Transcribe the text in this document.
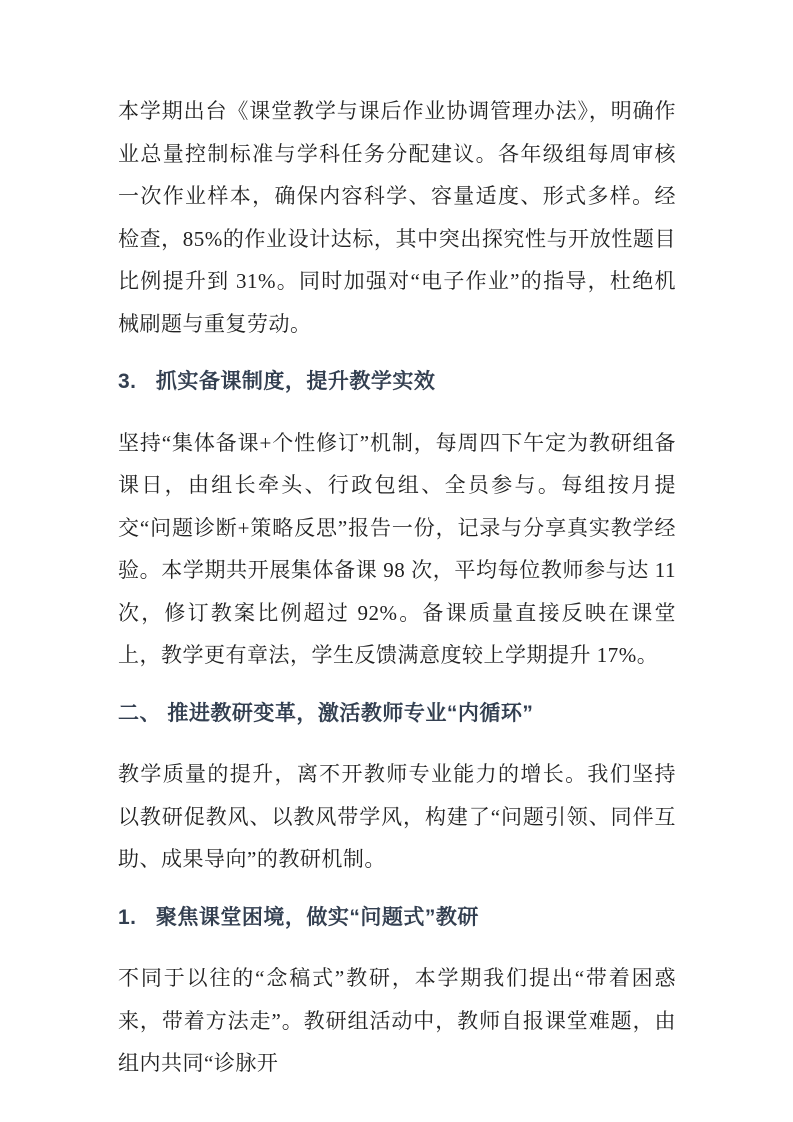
本学期出台《课堂教学与课后作业协调管理办法》，明确作业总量控制标准与学科任务分配建议。各年级组每周审核一次作业样本，确保内容科学、容量适度、形式多样。经检查，85%的作业设计达标，其中突出探究性与开放性题目比例提升到 31%。同时加强对“电子作业”的指导，杜绝机械刷题与重复劳动。

3. 抓实备课制度，提升教学实效

坚持“集体备课+个性修订”机制，每周四下午定为教研组备课日，由组长牵头、行政包组、全员参与。每组按月提交“问题诊断+策略反思”报告一份，记录与分享真实教学经验。本学期共开展集体备课 98 次，平均每位教师参与达 11 次，修订教案比例超过 92%。备课质量直接反映在课堂上，教学更有章法，学生反馈满意度较上学期提升 17%。

二、 推进教研变革，激活教师专业“内循环”

教学质量的提升，离不开教师专业能力的增长。我们坚持以教研促教风、以教风带学风，构建了“问题引领、同伴互助、成果导向”的教研机制。

1. 聚焦课堂困境，做实“问题式”教研

不同于以往的“念稿式”教研，本学期我们提出“带着困惑来，带着方法走”。教研组活动中，教师自报课堂难题，由组内共同“诊脉开
